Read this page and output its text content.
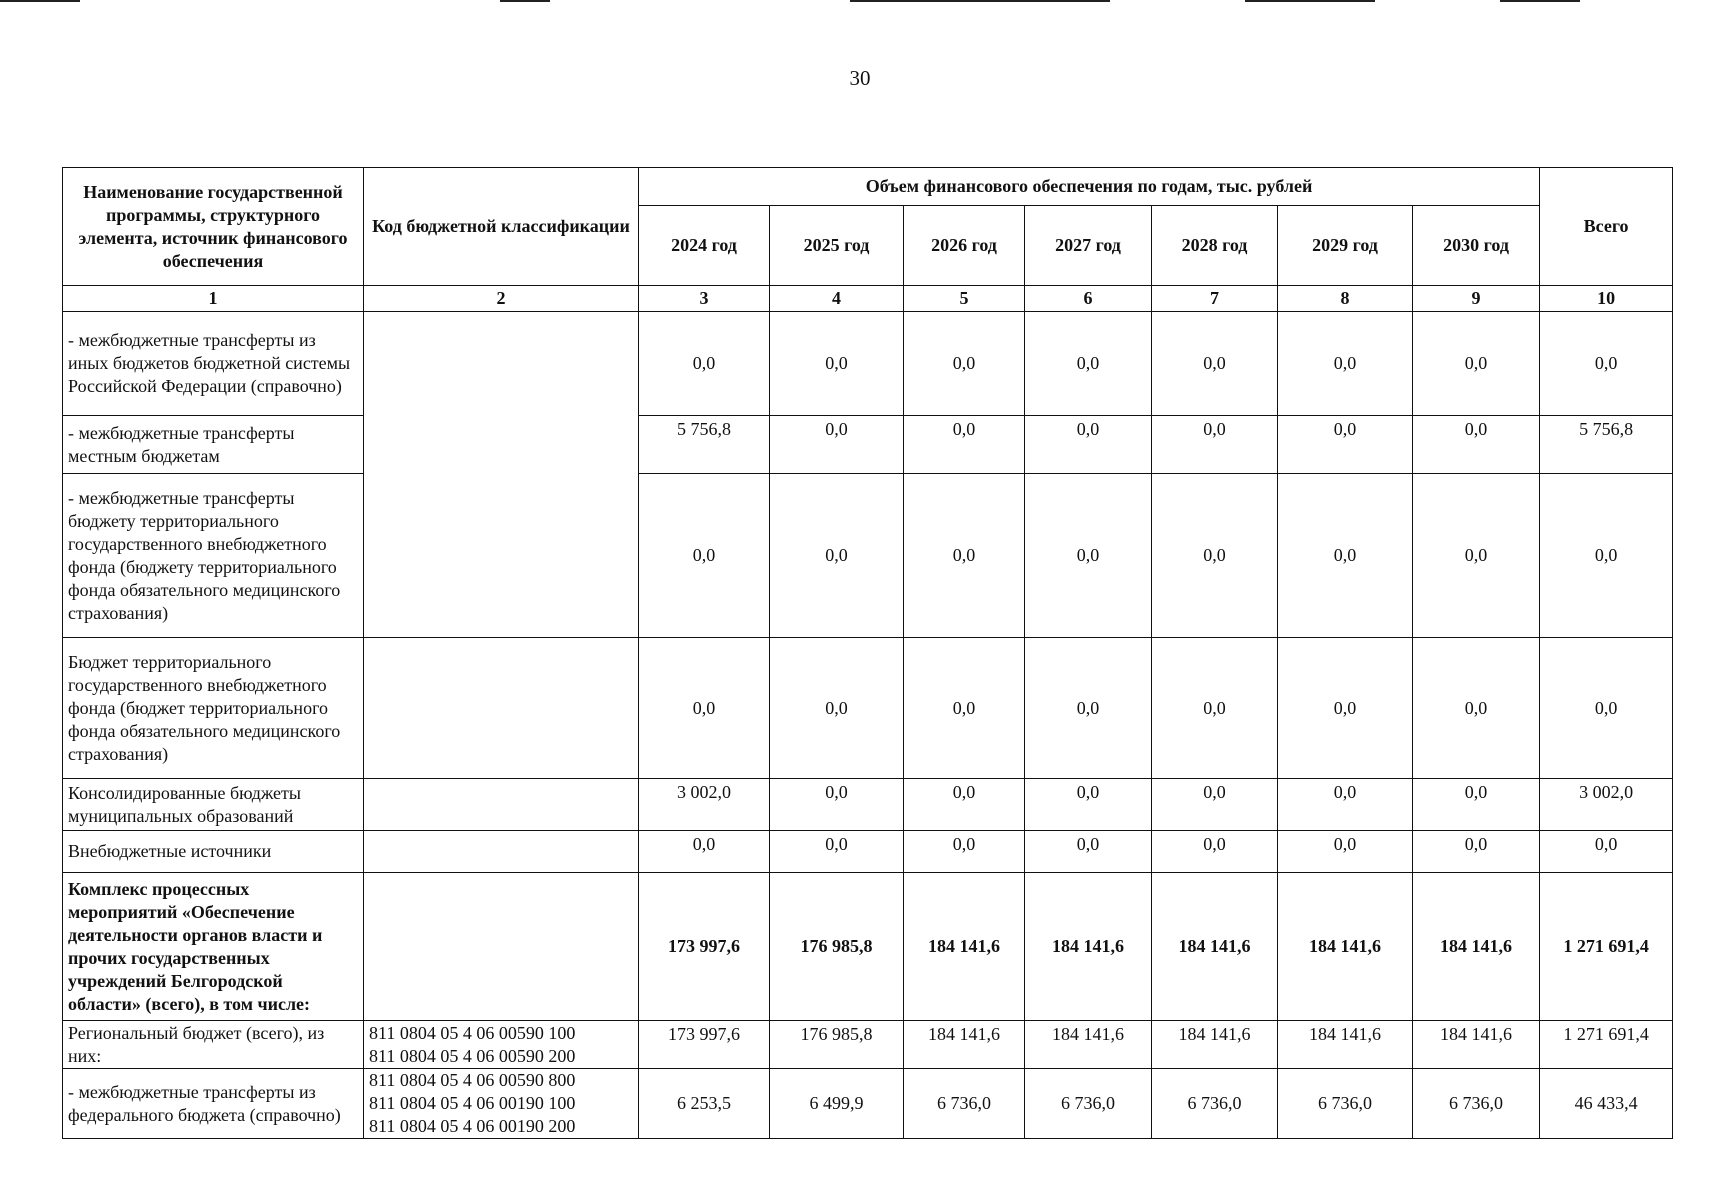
30
Наименование государственной программы, структурного элемента, источник финансового обеспечения	Код бюджетной классификации	Объем финансового обеспечения по годам, тыс. рублей							Всего
		2024 год	2025 год	2026 год	2027 год	2028 год	2029 год	2030 год	
1	2	3	4	5	6	7	8	9	10
- межбюджетные трансферты из иных бюджетов бюджетной системы Российской Федерации (справочно)		0,0	0,0	0,0	0,0	0,0	0,0	0,0	0,0
- межбюджетные трансферты местным бюджетам		5 756,8	0,0	0,0	0,0	0,0	0,0	0,0	5 756,8
- межбюджетные трансферты бюджету территориального государственного внебюджетного фонда (бюджету территориального фонда обязательного медицинского страхования)		0,0	0,0	0,0	0,0	0,0	0,0	0,0	0,0
Бюджет территориального государственного внебюджетного фонда (бюджет территориального фонда обязательного медицинского страхования)		0,0	0,0	0,0	0,0	0,0	0,0	0,0	0,0
Консолидированные бюджеты муниципальных образований		3 002,0	0,0	0,0	0,0	0,0	0,0	0,0	3 002,0
Внебюджетные источники		0,0	0,0	0,0	0,0	0,0	0,0	0,0	0,0
Комплекс процессных мероприятий «Обеспечение деятельности органов власти и прочих государственных учреждений Белгородской области» (всего), в том числе:		173 997,6	176 985,8	184 141,6	184 141,6	184 141,6	184 141,6	184 141,6	1 271 691,4
Региональный бюджет (всего), из них:	811 0804 05 4 06 00590 100
811 0804 05 4 06 00590 200	173 997,6	176 985,8	184 141,6	184 141,6	184 141,6	184 141,6	184 141,6	1 271 691,4
- межбюджетные трансферты из федерального бюджета (справочно)	811 0804 05 4 06 00590 800
811 0804 05 4 06 00190 100
811 0804 05 4 06 00190 200	6 253,5	6 499,9	6 736,0	6 736,0	6 736,0	6 736,0	6 736,0	46 433,4
